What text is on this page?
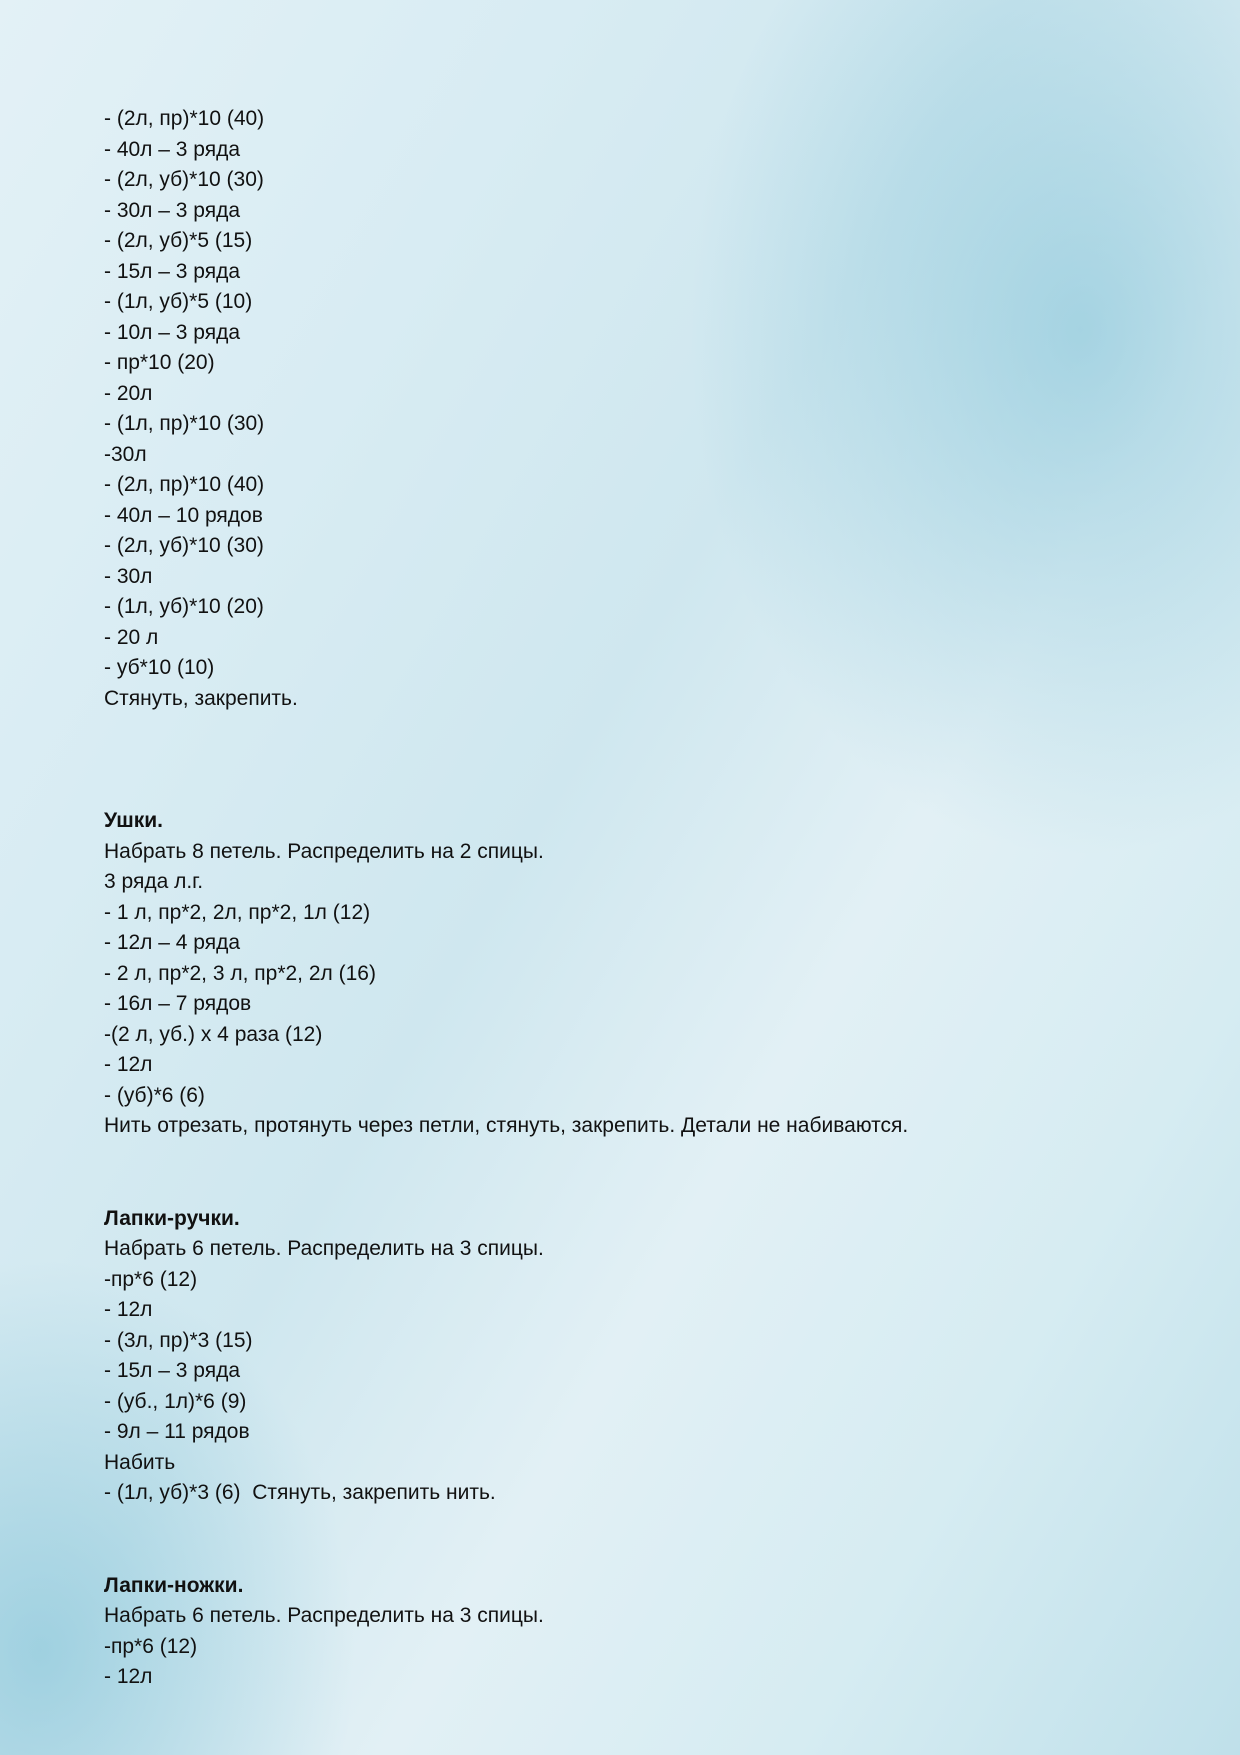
- (2л, пр)*10 (40)
- 40л – 3 ряда
- (2л, уб)*10 (30)
- 30л – 3 ряда
- (2л, уб)*5 (15)
- 15л – 3 ряда
- (1л, уб)*5 (10)
- 10л – 3 ряда
- пр*10 (20)
- 20л
- (1л, пр)*10 (30)
-30л
- (2л, пр)*10 (40)
- 40л – 10 рядов
- (2л, уб)*10 (30)
- 30л
- (1л, уб)*10 (20)
- 20 л
- уб*10 (10)
Стянуть, закрепить.
Ушки.
Набрать 8 петель. Распределить на 2 спицы.
3 ряда л.г.
- 1 л, пр*2, 2л, пр*2, 1л (12)
- 12л – 4 ряда
- 2 л, пр*2, 3 л, пр*2, 2л (16)
- 16л – 7 рядов
-(2 л, уб.) х 4 раза (12)
- 12л
- (уб)*6 (6)
Нить отрезать, протянуть через петли, стянуть, закрепить. Детали не набиваются.
Лапки-ручки.
Набрать 6 петель. Распределить на 3 спицы.
-пр*6 (12)
- 12л
- (3л, пр)*3 (15)
- 15л – 3 ряда
- (уб., 1л)*6 (9)
- 9л – 11 рядов
Набить
- (1л, уб)*3 (6)  Стянуть, закрепить нить.
Лапки-ножки.
Набрать 6 петель. Распределить на 3 спицы.
-пр*6 (12)
- 12л
